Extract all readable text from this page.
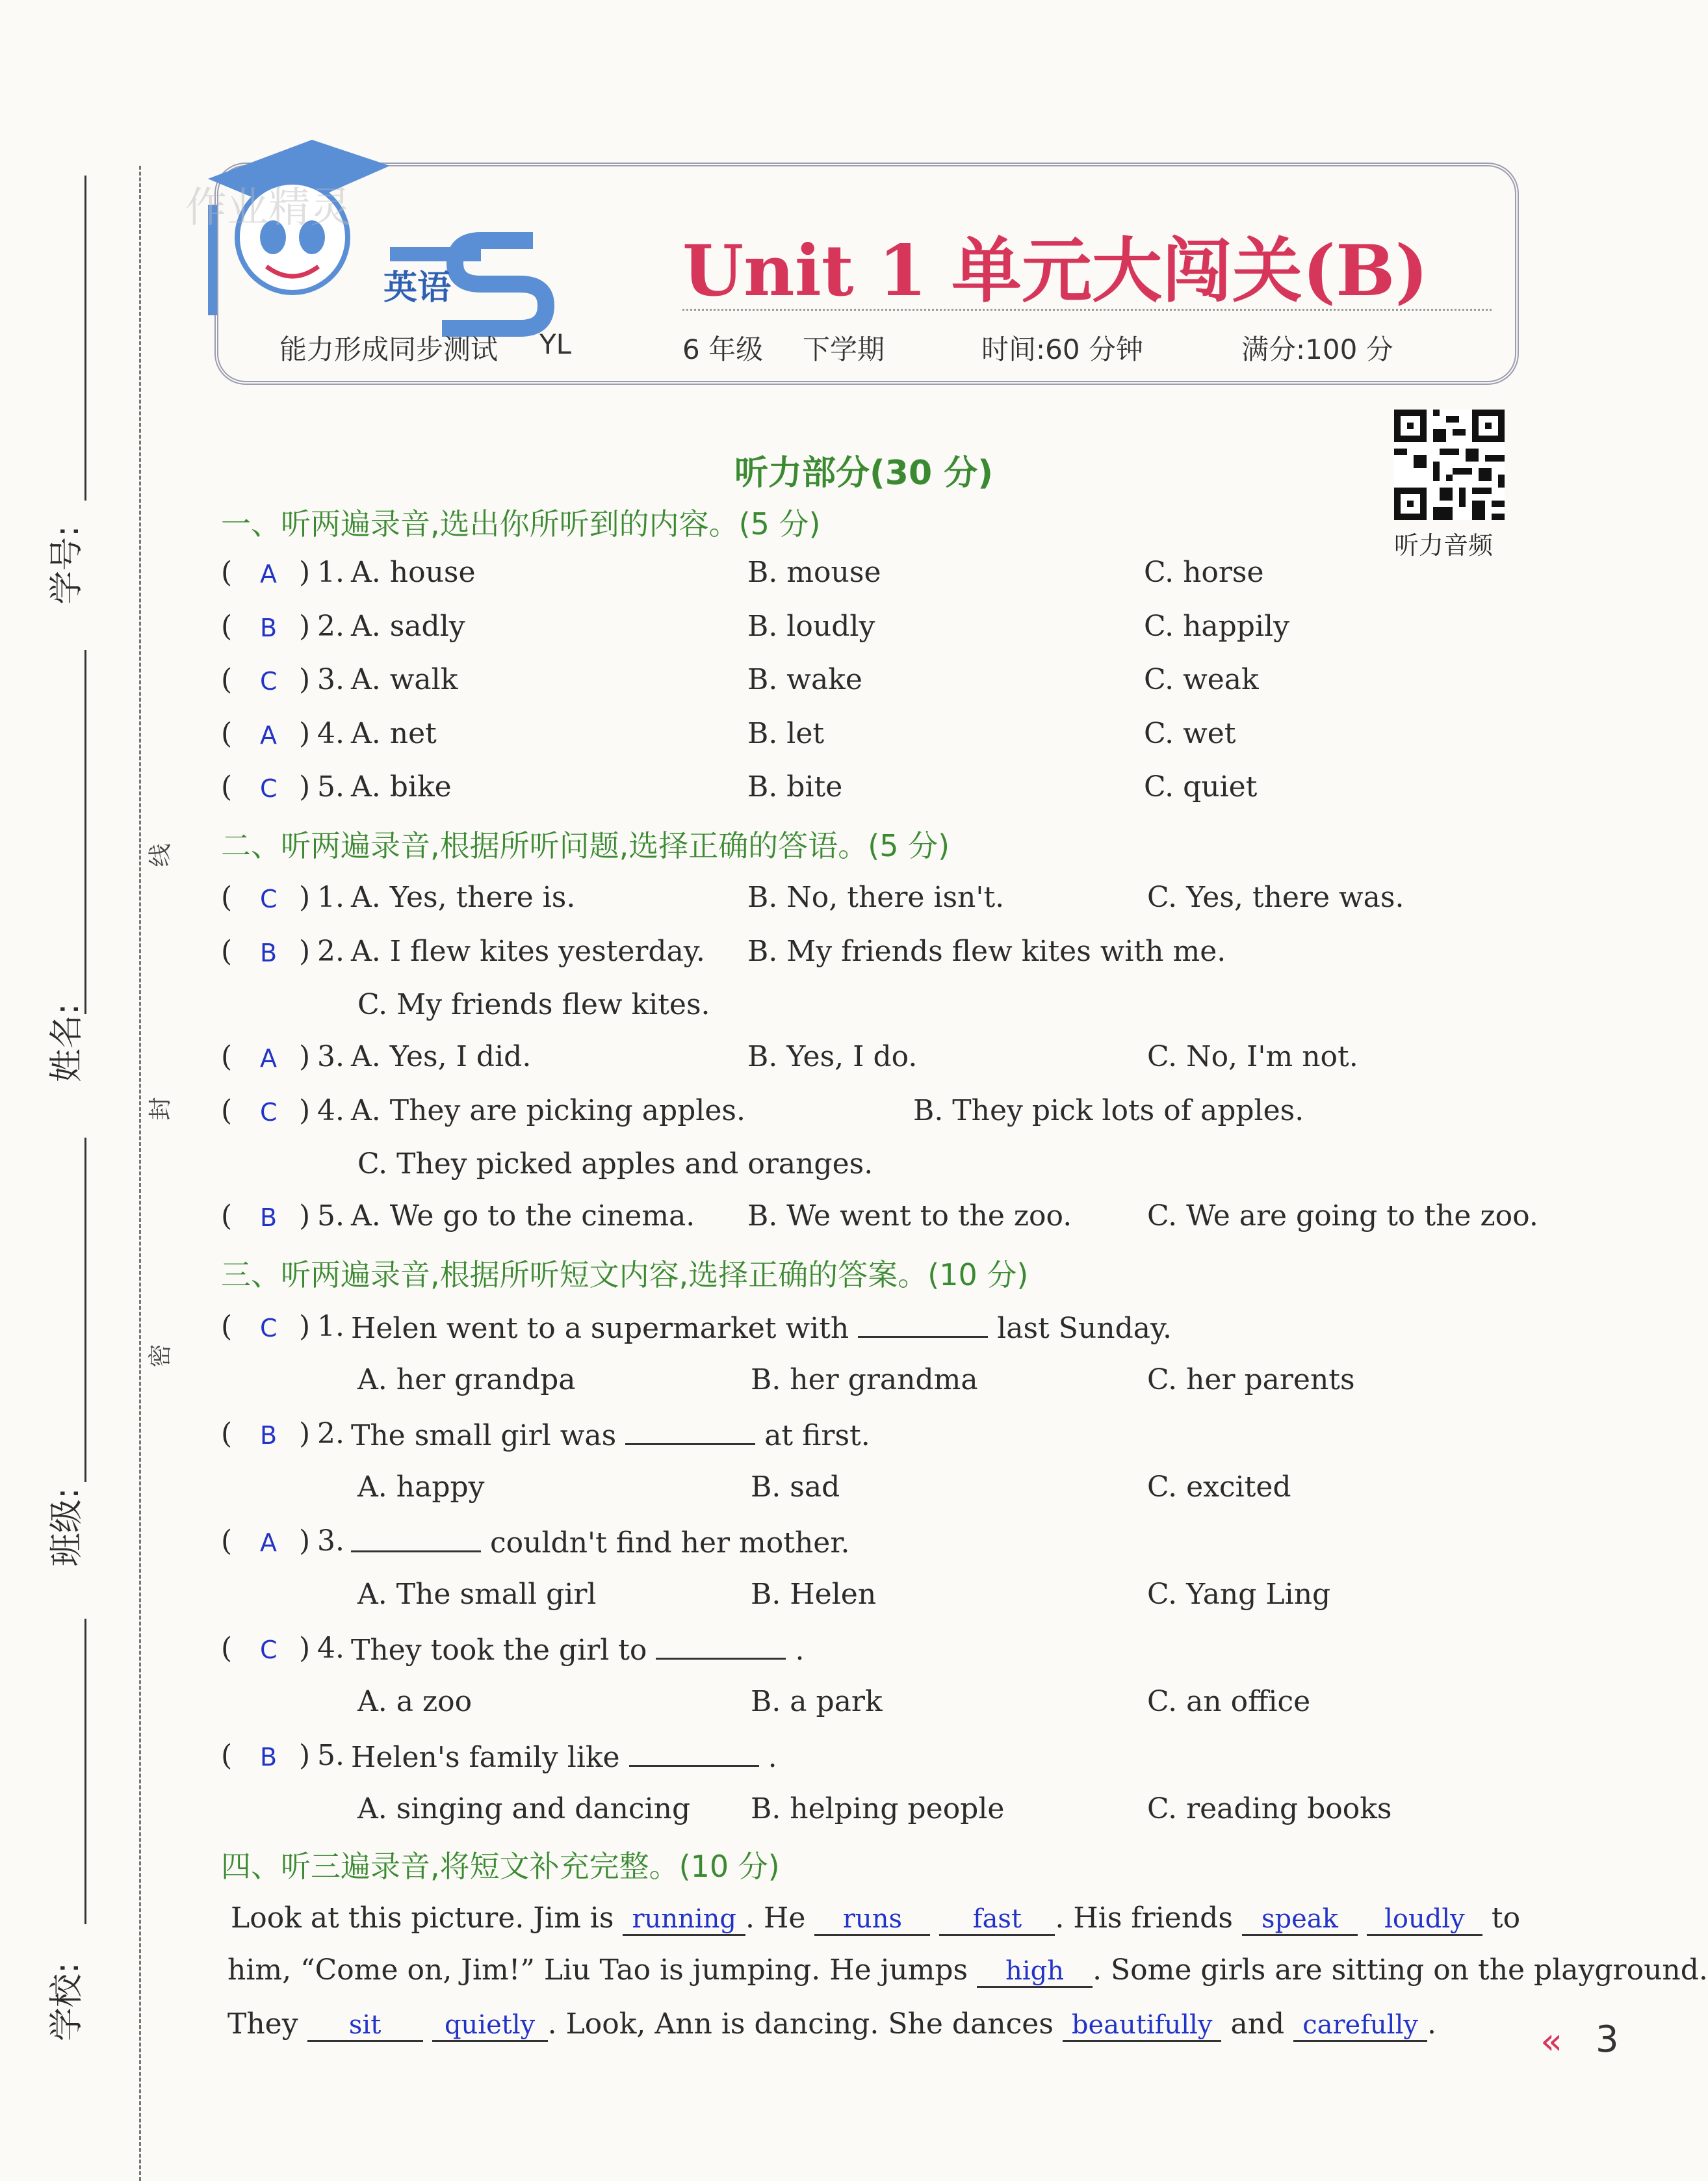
学号:
姓名:
班级:
学校:
线
封
密
英语
作业精灵
Unit 1 单元大闯关(B)
能力形成同步测试 YL	6 年级 下学期	时间:60 分钟	满分:100 分
听力音频
听力部分(30 分)
一、听两遍录音,选出你所听到的内容。(5 分)
( A ) 1. A. house	B. mouse	C. horse
( B ) 2. A. sadly	B. loudly	C. happily
( C ) 3. A. walk	B. wake	C. weak
( A ) 4. A. net	B. let	C. wet
( C ) 5. A. bike	B. bite	C. quiet
二、听两遍录音,根据所听问题,选择正确的答语。(5 分)
( C ) 1. A. Yes, there is.	B. No, there isn't.	C. Yes, there was.
( B ) 2. A. I flew kites yesterday. B. My friends flew kites with me.
C. My friends flew kites.
( A ) 3. A. Yes, I did.	B. Yes, I do.	C. No, I'm not.
( C ) 4. A. They are picking apples.	B. They pick lots of apples.
C. They picked apples and oranges.
( B ) 5. A. We go to the cinema. B. We went to the zoo.	C. We are going to the zoo.
三、听两遍录音,根据所听短文内容,选择正确的答案。(10 分)
( C ) 1. Helen went to a supermarket with	last Sunday.
A. her grandpa	B. her grandma	C. her parents
( B ) 2. The small girl was	at first.
A. happy	B. sad	C. excited
( A ) 3.	couldn't find her mother.
A. The small girl	B. Helen	C. Yang Ling
( C ) 4. They took the girl to	.
A. a zoo	B. a park	C. an office
( B ) 5. Helen's family like	.
A. singing and dancing B. helping people	C. reading books
四、听三遍录音,将短文补充完整。(10 分)
Look at this picture. Jim is running . He runs	fast . His friends speak loudly to
him, “Come on, Jim!” Liu Tao is jumping. He jumps high . Some girls are sitting on the playground.
They sit quietly . Look, Ann is dancing. She dances beautifully and carefully .	« 3
